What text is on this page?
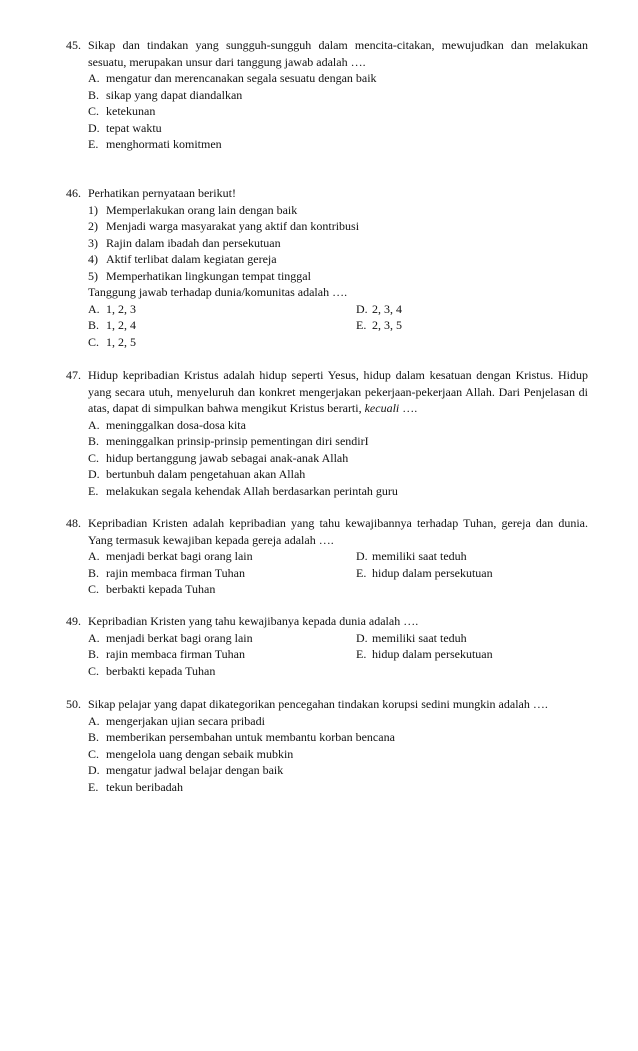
45. Sikap dan tindakan yang sungguh-sungguh dalam mencita-citakan, mewujudkan dan melakukan sesuatu, merupakan unsur dari tanggung jawab adalah ….
A. mengatur dan merencanakan segala sesuatu dengan baik
B. sikap yang dapat diandalkan
C. ketekunan
D. tepat waktu
E. menghormati komitmen
46. Perhatikan pernyataan berikut!
1) Memperlakukan orang lain dengan baik
2) Menjadi warga masyarakat yang aktif dan kontribusi
3) Rajin dalam ibadah dan persekutuan
4) Aktif terlibat dalam kegiatan gereja
5) Memperhatikan lingkungan tempat tinggal
Tanggung jawab terhadap dunia/komunitas adalah ….
A. 1, 2, 3	D. 2, 3, 4
B. 1, 2, 4	E. 2, 3, 5
C. 1, 2, 5
47. Hidup kepribadian Kristus adalah hidup seperti Yesus, hidup dalam kesatuan dengan Kristus. Hidup yang secara utuh, menyeluruh dan konkret mengerjakan pekerjaan-pekerjaan Allah. Dari Penjelasan di atas, dapat di simpulkan bahwa mengikut Kristus berarti, kecuali ….
A. meninggalkan dosa-dosa kita
B. meninggalkan prinsip-prinsip pementingan diri sendirI
C. hidup bertanggung jawab sebagai anak-anak Allah
D. bertunbuh dalam pengetahuan akan Allah
E. melakukan segala kehendak Allah berdasarkan perintah guru
48. Kepribadian Kristen adalah kepribadian yang tahu kewajibannya terhadap Tuhan, gereja dan dunia. Yang termasuk kewajiban kepada gereja adalah ….
A. menjadi berkat bagi orang lain	D. memiliki saat teduh
B. rajin membaca firman Tuhan	E. hidup dalam persekutuan
C. berbakti kepada Tuhan
49. Kepribadian Kristen yang tahu kewajibanya kepada dunia adalah ….
A. menjadi berkat bagi orang lain	D. memiliki saat teduh
B. rajin membaca firman Tuhan	E. hidup dalam persekutuan
C. berbakti kepada Tuhan
50. Sikap pelajar yang dapat dikategorikan pencegahan tindakan korupsi sedini mungkin adalah ….
A. mengerjakan ujian secara pribadi
B. memberikan persembahan untuk membantu korban bencana
C. mengelola uang dengan sebaik mubkin
D. mengatur jadwal belajar dengan baik
E. tekun beribadah
